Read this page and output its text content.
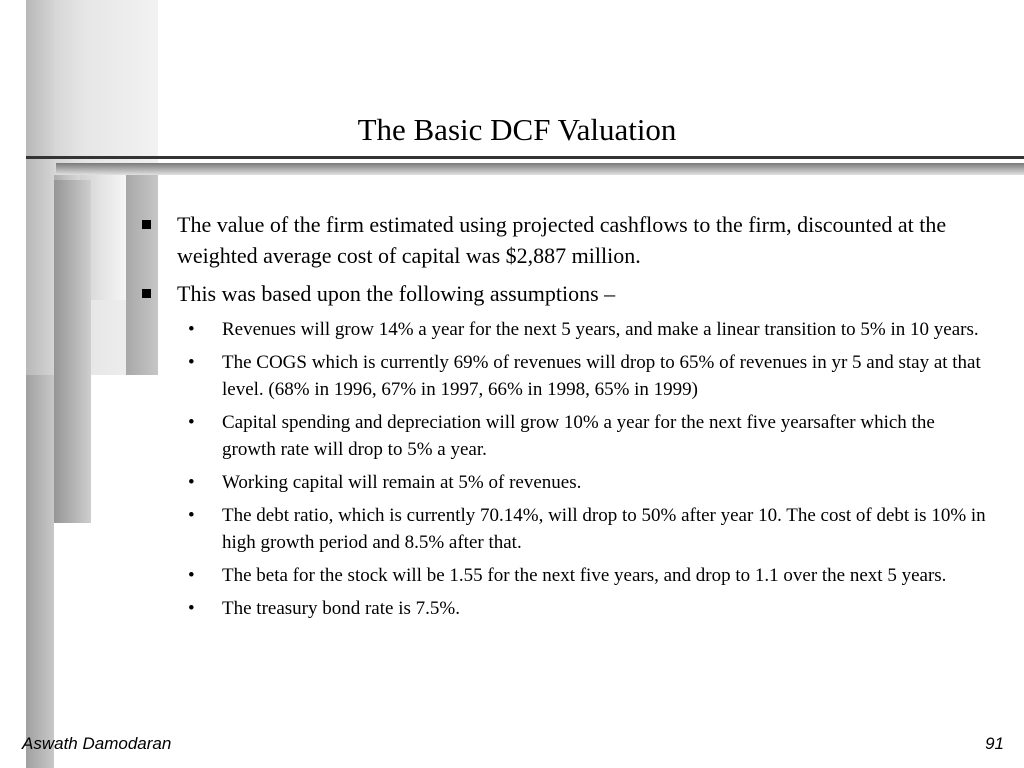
The Basic DCF Valuation
The value of the firm estimated using projected cashflows to the firm, discounted at the weighted average cost of capital was $2,887 million.
This was based upon the following assumptions –
• Revenues will grow 14% a year for the next 5 years, and make a linear transition to 5% in 10 years.
• The COGS which is currently 69% of revenues will drop to 65% of revenues in yr 5 and stay at that level. (68% in 1996, 67% in 1997, 66% in 1998, 65% in 1999)
• Capital spending and depreciation will grow 10% a year for the next five yearsafter which the growth rate will drop to 5% a year.
• Working capital will remain at 5% of revenues.
• The debt ratio, which is currently 70.14%, will drop to 50% after year 10. The cost of debt is 10% in high growth period and 8.5% after that.
• The beta for the stock will be 1.55 for the next five years, and drop to 1.1 over the next 5 years.
• The treasury bond rate is 7.5%.
Aswath Damodaran	91
